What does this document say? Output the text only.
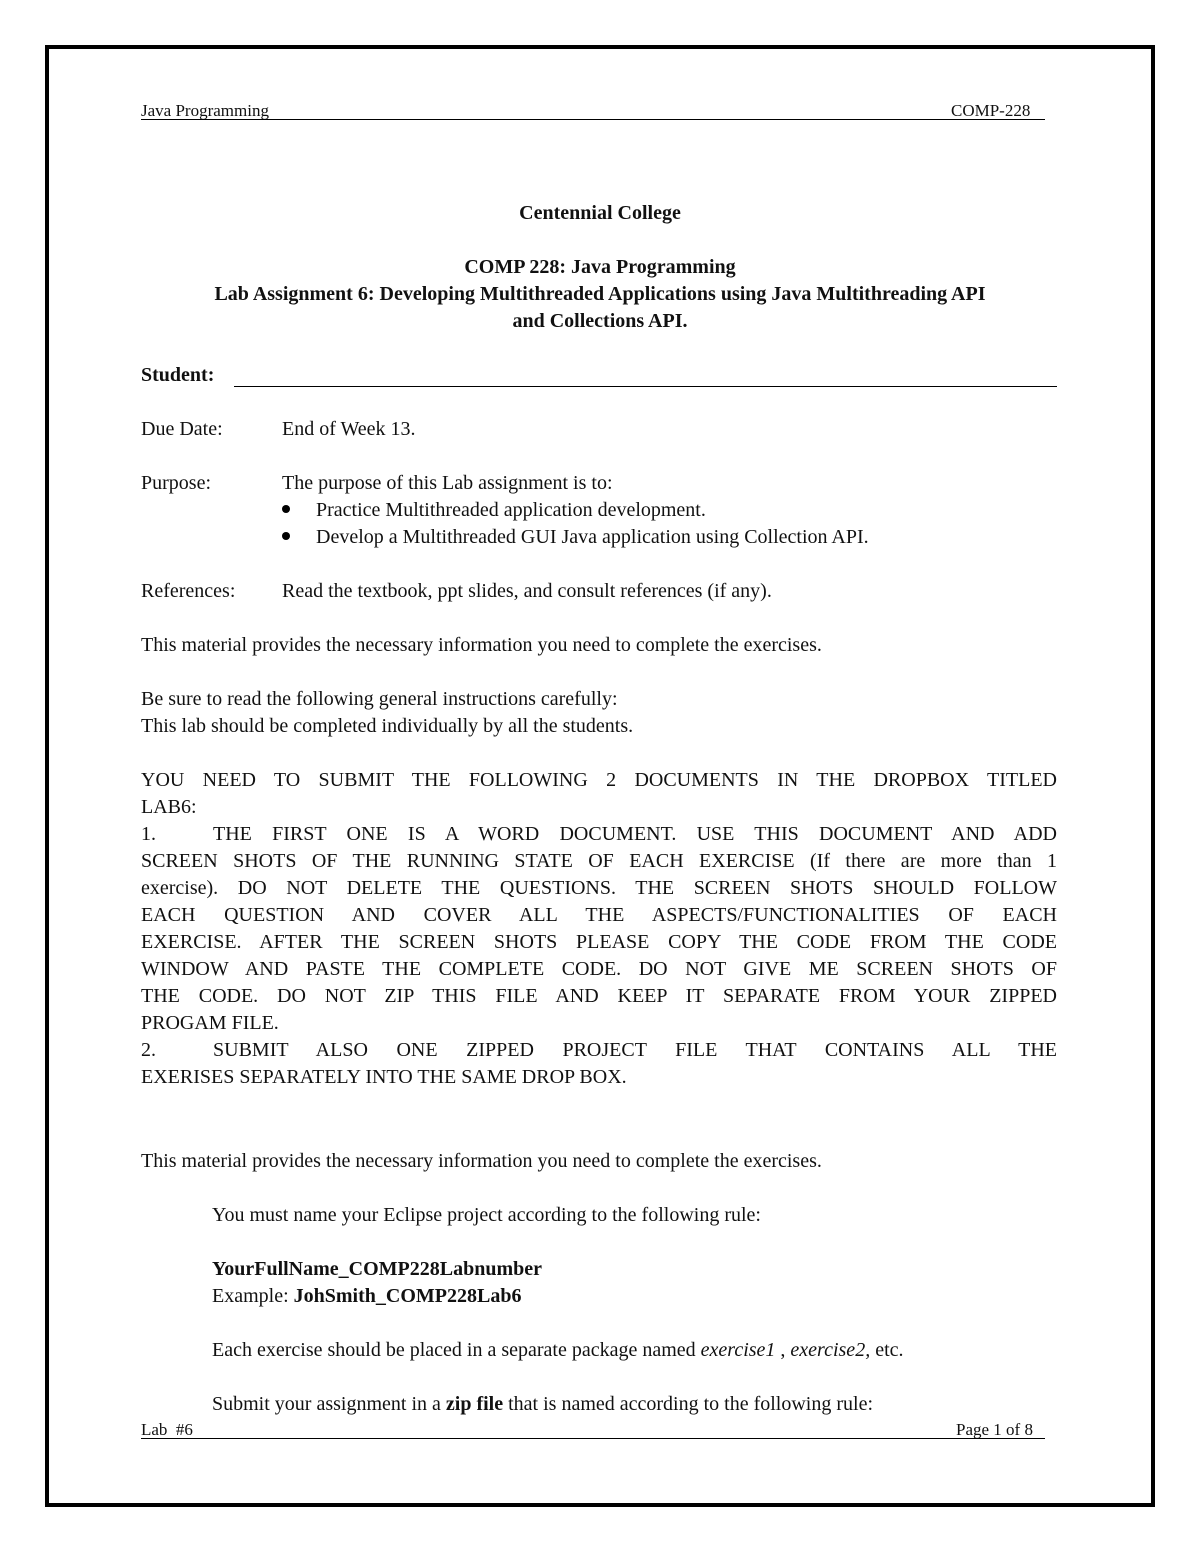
Java Programming	COMP-228
Centennial College
COMP 228: Java Programming
Lab Assignment 6: Developing Multithreaded Applications using Java Multithreading API
and Collections API.
Student:
Due Date:	End of Week 13.
Purpose:	The purpose of this Lab assignment is to:
Practice Multithreaded application development.
Develop a Multithreaded GUI Java application using Collection API.
References: Read the textbook, ppt slides, and consult references (if any).
This material provides the necessary information you need to complete the exercises.
Be sure to read the following general instructions carefully:
This lab should be completed individually by all the students.
YOU NEED TO SUBMIT THE FOLLOWING 2 DOCUMENTS IN THE DROPBOX TITLED
LAB6:
1.	THE FIRST ONE IS A WORD DOCUMENT. USE THIS DOCUMENT AND ADD
SCREEN SHOTS OF THE RUNNING STATE OF EACH EXERCISE (If there are more than 1
exercise). DO NOT DELETE THE QUESTIONS. THE SCREEN SHOTS SHOULD FOLLOW
EACH QUESTION AND COVER ALL THE ASPECTS/FUNCTIONALITIES OF EACH
EXERCISE. AFTER THE SCREEN SHOTS PLEASE COPY THE CODE FROM THE CODE
WINDOW AND PASTE THE COMPLETE CODE. DO NOT GIVE ME SCREEN SHOTS OF
THE CODE. DO NOT ZIP THIS FILE AND KEEP IT SEPARATE FROM YOUR ZIPPED
PROGAM FILE.
2.	SUBMIT ALSO ONE ZIPPED PROJECT FILE THAT CONTAINS ALL THE
EXERISES SEPARATELY INTO THE SAME DROP BOX.
This material provides the necessary information you need to complete the exercises.
You must name your Eclipse project according to the following rule:
YourFullName_COMP228Labnumber
Example: JohSmith_COMP228Lab6
Each exercise should be placed in a separate package named exercise1 , exercise2, etc.
Submit your assignment in a zip file that is named according to the following rule:
Lab  #6	Page 1 of 8
